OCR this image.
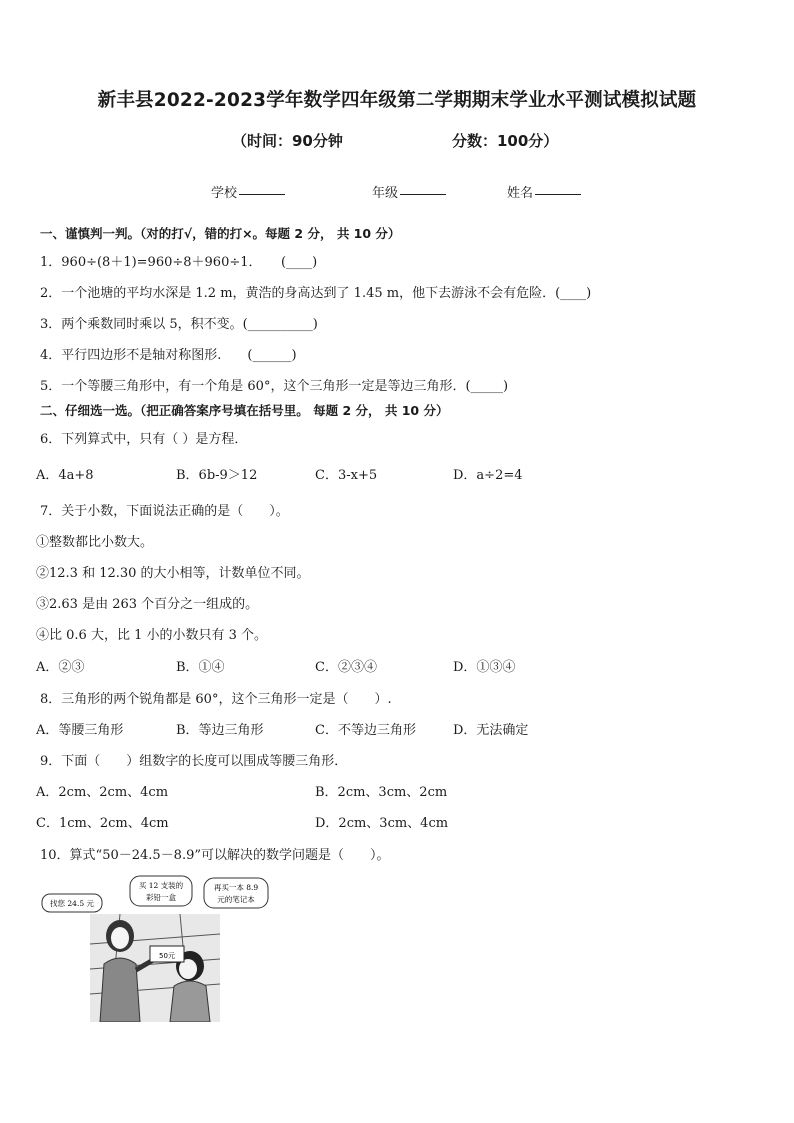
新丰县2022-2023学年数学四年级第二学期期末学业水平测试模拟试题
（时间：90分钟	分数：100分）
学校	年级	姓名
一、谨慎判一判。（对的打√，错的打×。每题 2 分， 共 10 分）
1．960÷(8＋1)=960÷8＋960÷1．　　(____)
2．一个池塘的平均水深是 1.2 m，黄浩的身高达到了 1.45 m，他下去游泳不会有危险．(____)
3．两个乘数同时乘以 5，积不变。(__________)
4．平行四边形不是轴对称图形.　　(______)
5．一个等腰三角形中，有一个角是 60°，这个三角形一定是等边三角形．(_____)
二、仔细选一选。（把正确答案序号填在括号里。 每题 2 分， 共 10 分）
6．下列算式中，只有（ ）是方程．
A．4a+8	B．6b-9＞12	C．3-x+5	D．a÷2=4
7．关于小数，下面说法正确的是（　　）。
①整数都比小数大。
②12.3 和 12.30 的大小相等，计数单位不同。
③2.63 是由 263 个百分之一组成的。
④比 0.6 大，比 1 小的小数只有 3 个。
A．②③	B．①④	C．②③④	D．①③④
8．三角形的两个锐角都是 60°，这个三角形一定是（　　）.
A．等腰三角形	B．等边三角形	C．不等边三角形	D．无法确定
9．下面（　　）组数字的长度可以围成等腰三角形．
A．2cm、2cm、4cm	B．2cm、3cm、2cm
C．1cm、2cm、4cm	D．2cm、3cm、4cm
10．算式“50－24.5－8.9”可以解决的数学问题是（　　）。
50元
找您 24.5 元
买 12 支装的
彩铅一盒
再买一本 8.9
元的笔记本
